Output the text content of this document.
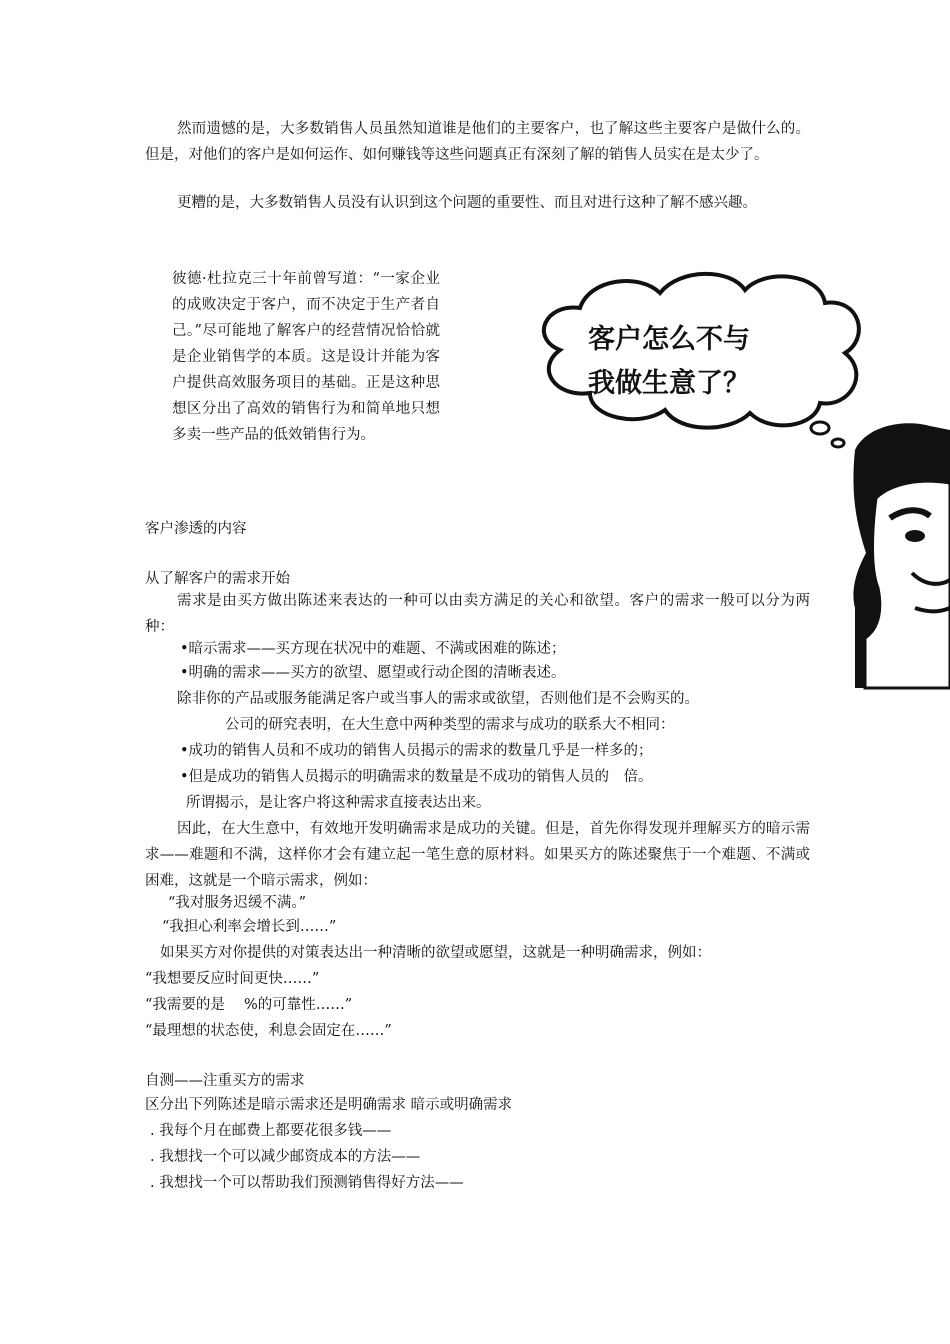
然而遗憾的是，大多数销售人员虽然知道谁是他们的主要客户，也了解这些主要客户是做什么的。但是，对他们的客户是如何运作、如何赚钱等这些问题真正有深刻了解的销售人员实在是太少了。

更糟的是，大多数销售人员没有认识到这个问题的重要性、而且对进行这种了解不感兴趣。

彼德·杜拉克三十年前曾写道：“一家企业的成败决定于客户，而不决定于生产者自己。”尽可能地了解客户的经营情况恰恰就是企业销售学的本质。这是设计并能为客户提供高效服务项目的基础。正是这种思想区分出了高效的销售行为和简单地只想多卖一些产品的低效销售行为。
客户怎么不与
我做生意了？
客户渗透的内容
从了解客户的需求开始

需求是由买方做出陈述来表达的一种可以由卖方满足的关心和欲望。客户的需求一般可以分为两种：

•暗示需求——买方现在状况中的难题、不满或困难的陈述；

•明确的需求——买方的欲望、愿望或行动企图的清晰表述。

除非你的产品或服务能满足客户或当事人的需求或欲望，否则他们是不会购买的。

公司的研究表明，在大生意中两种类型的需求与成功的联系大不相同：

•成功的销售人员和不成功的销售人员揭示的需求的数量几乎是一样多的；

•但是成功的销售人员揭示的明确需求的数量是不成功的销售人员的　倍。

所谓揭示，是让客户将这种需求直接表达出来。

因此，在大生意中，有效地开发明确需求是成功的关键。但是，首先你得发现并理解买方的暗示需求——难题和不满，这样你才会有建立起一笔生意的原材料。如果买方的陈述聚焦于一个难题、不满或困难，这就是一个暗示需求，例如：

“我对服务迟缓不满。”

“我担心利率会增长到……”

如果买方对你提供的对策表达出一种清晰的欲望或愿望，这就是一种明确需求，例如：

“我想要反应时间更快……”

“我需要的是　 %的可靠性……”

“最理想的状态使，利息会固定在……”

自测——注重买方的需求
区分出下列陈述是暗示需求还是明确需求 暗示或明确需求
. 我每个月在邮费上都要花很多钱——
. 我想找一个可以减少邮资成本的方法——
. 我想找一个可以帮助我们预测销售得好方法——
